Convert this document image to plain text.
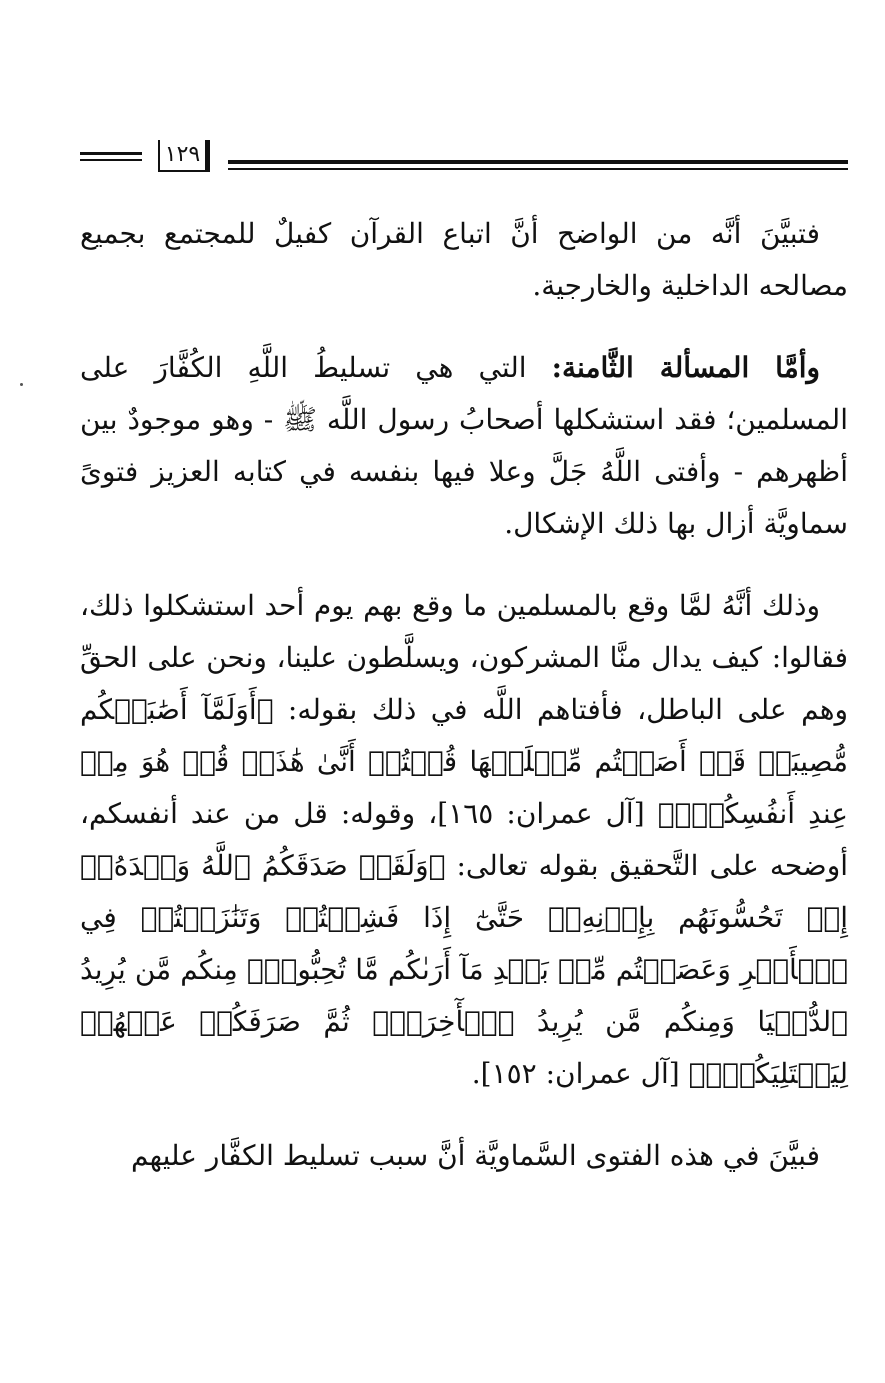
١٢٩

فتبيَّنَ أنَّه من الواضح أنَّ اتباع القرآن كفيلٌ للمجتمع بجميع مصالحه الداخلية والخارجية.

وأمَّا المسألة الثَّامنة: التي هي تسليطُ اللَّهِ الكُفَّارَ على المسلمين؛ فقد استشكلها أصحابُ رسول اللَّه ﷺ - وهو موجودٌ بين أظهرهم - وأفتى اللَّهُ جَلَّ وعلا فيها بنفسه في كتابه العزيز فتوىً سماويَّة أزال بها ذلك الإشكال.

وذلك أنَّهُ لمَّا وقع بالمسلمين ما وقع بهم يوم أحد استشكلوا ذلك، فقالوا: كيف يدال منَّا المشركون، ويسلَّطون علينا، ونحن على الحقِّ وهم على الباطل، فأفتاهم اللَّه في ذلك بقوله: ﴿أَوَلَمَّآ أَصَٰبَتۡكُم مُّصِيبَةٞ قَدۡ أَصَبۡتُم مِّثۡلَيۡهَا قُلۡتُمۡ أَنَّىٰ هَٰذَاۖ قُلۡ هُوَ مِنۡ عِندِ أَنفُسِكُمۡۗ﴾ [آل عمران: ١٦٥]، وقوله: قل من عند أنفسكم، أوضحه على التَّحقيق بقوله تعالى: ﴿وَلَقَدۡ صَدَقَكُمُ ٱللَّهُ وَعۡدَهُۥٓ إِذۡ تَحُسُّونَهُم بِإِذۡنِهِۦۖ حَتَّىٰٓ إِذَا فَشِلۡتُمۡ وَتَنَٰزَعۡتُمۡ فِي ٱلۡأَمۡرِ وَعَصَيۡتُم مِّنۢ بَعۡدِ مَآ أَرَىٰكُم مَّا تُحِبُّونَۚ مِنكُم مَّن يُرِيدُ ٱلدُّنۡيَا وَمِنكُم مَّن يُرِيدُ ٱلۡأٓخِرَةَۚ ثُمَّ صَرَفَكُمۡ عَنۡهُمۡ لِيَبۡتَلِيَكُمۡۖ﴾ [آل عمران: ١٥٢].

فبيَّنَ في هذه الفتوى السَّماويَّة أنَّ سبب تسليط الكفَّار عليهم
